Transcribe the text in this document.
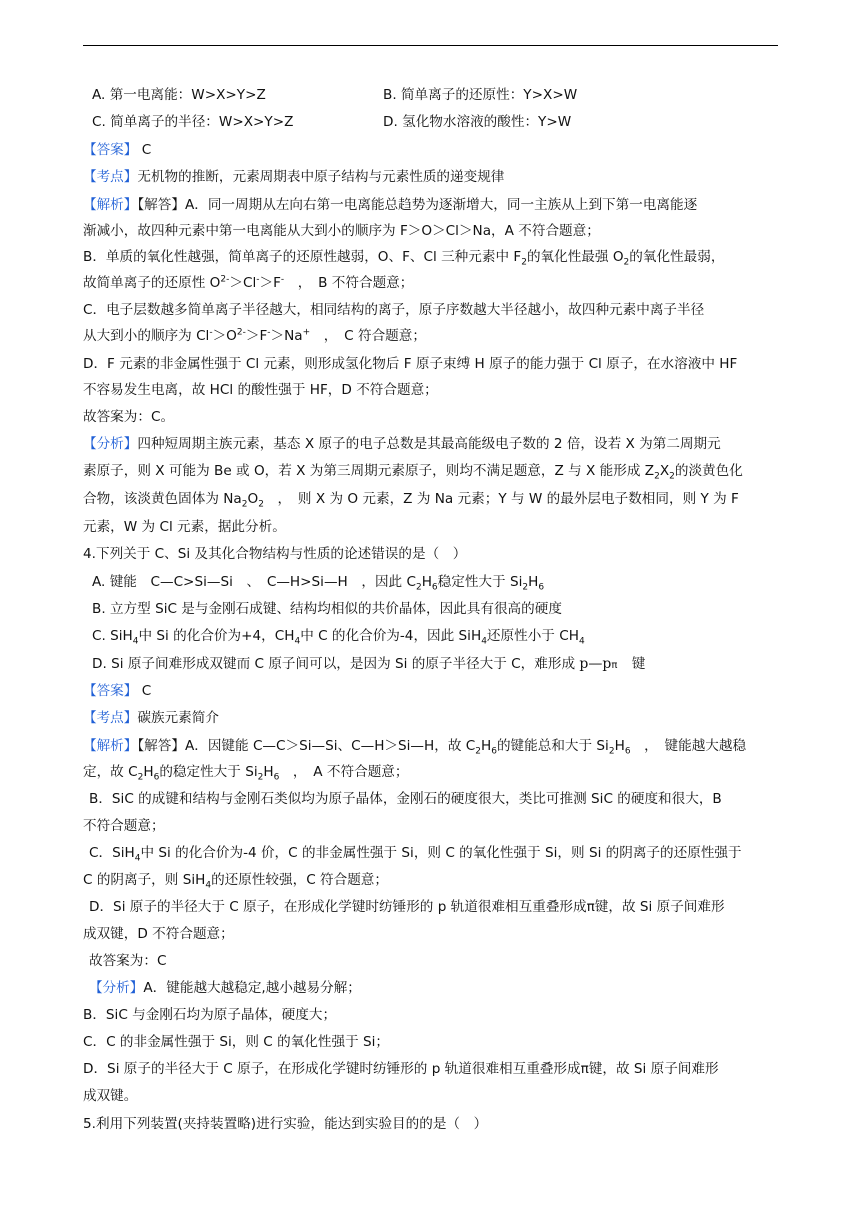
A. 第一电离能：W>X>Y>Z	B. 简单离子的还原性：Y>X>W
C. 简单离子的半径：W>X>Y>Z	D. 氢化物水溶液的酸性：Y>W
【答案】 C
【考点】无机物的推断，元素周期表中原子结构与元素性质的递变规律
【解析】【解答】A．同一周期从左向右第一电离能总趋势为逐渐增大，同一主族从上到下第一电离能逐
渐减小，故四种元素中第一电离能从大到小的顺序为 F＞O＞Cl＞Na，A 不符合题意；
B．单质的氧化性越强，简单离子的还原性越弱，O、F、Cl 三种元素中 $F_2$的氧化性最强 $O_2$的氧化性最弱，
故简单离子的还原性 $O^{2-}>Cl^->F^-$　，　B 不符合题意；
C．电子层数越多简单离子半径越大，相同结构的离子，原子序数越大半径越小，故四种元素中离子半径
从大到小的顺序为 $Cl^->O^{2-}>F^->Na^+$　，　C 符合题意；
D．F 元素的非金属性强于 Cl 元素，则形成氢化物后 F 原子束缚 H 原子的能力强于 Cl 原子，在水溶液中 HF
不容易发生电离，故 HCl 的酸性强于 HF，D 不符合题意；
故答案为：C。
【分析】四种短周期主族元素，基态 X 原子的电子总数是其最高能级电子数的 2 倍，设若 X 为第二周期元
素原子，则 X 可能为 Be 或 O，若 X 为第三周期元素原子，则均不满足题意，Z 与 X 能形成 $Z_2X_2$的淡黄色化
合物，该淡黄色固体为 $Na_2O_2$　，　则 X 为 O 元素，Z 为 Na 元素；Y 与 W 的最外层电子数相同，则 Y 为 F
元素，W 为 Cl 元素，据此分析。
4.下列关于 C、Si 及其化合物结构与性质的论述错误的是（　）
A. 键能　C—C>Si—Si　、　C—H>Si—H　，因此 $C_2H_6$稳定性大于 $Si_2H_6$
B. 立方型 SiC 是与金刚石成键、结构均相似的共价晶体，因此具有很高的硬度
C. SiH$_4$中 Si 的化合价为+4，$CH_4$中 C 的化合价为-4，因此 SiH$_4$还原性小于 $CH_4$
D. Si 原子间难形成双键而 C 原子间可以，是因为 Si 的原子半径大于 C，难形成 p—pπ 键
【答案】 C
【考点】碳族元素简介
【解析】【解答】A．因键能 C—C＞Si—Si、C—H＞Si—H，故 $C_2H_6$的键能总和大于 $Si_2H_6$　，　键能越大越稳
定，故 $C_2H_6$的稳定性大于 $Si_2H_6$　，　A 不符合题意；
B．SiC 的成键和结构与金刚石类似均为原子晶体，金刚石的硬度很大，类比可推测 SiC 的硬度和很大，B
不符合题意；
C．SiH$_4$中 Si 的化合价为-4 价，C 的非金属性强于 Si，则 C 的氧化性强于 Si，则 Si 的阴离子的还原性强于
C 的阴离子，则 SiH$_4$的还原性较强，C 符合题意；
D．Si 原子的半径大于 C 原子，在形成化学键时纺锤形的 p 轨道很难相互重叠形成π键，故 Si 原子间难形
成双键，D 不符合题意；
故答案为：C
【分析】A．键能越大越稳定,越小越易分解；
B．SiC 与金刚石均为原子晶体，硬度大；
C．C 的非金属性强于 Si，则 C 的氧化性强于 Si；
D．Si 原子的半径大于 C 原子，在形成化学键时纺锤形的 p 轨道很难相互重叠形成π键，故 Si 原子间难形
成双键。
5.利用下列装置(夹持装置略)进行实验，能达到实验目的的是（　）
